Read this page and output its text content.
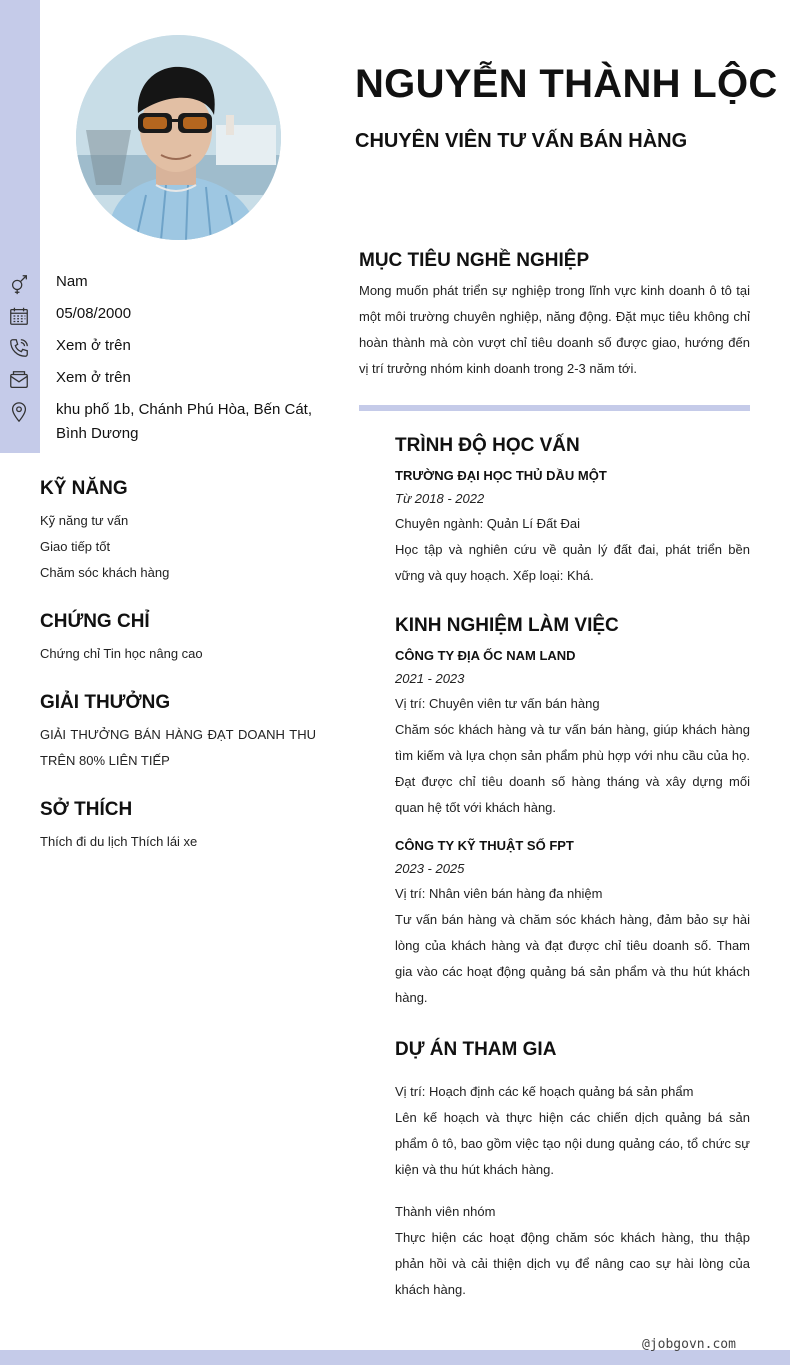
NGUYỄN THÀNH LỘC
CHUYÊN VIÊN TƯ VẤN BÁN HÀNG
Nam
05/08/2000
Xem ở trên
Xem ở trên
khu phố 1b, Chánh Phú Hòa, Bến Cát, Bình Dương
KỸ NĂNG
Kỹ năng tư vấn
Giao tiếp tốt
Chăm sóc khách hàng
CHỨNG CHỈ
Chứng chỉ Tin học nâng cao
GIẢI THƯỞNG
GIẢI THƯỞNG BÁN HÀNG ĐẠT DOANH THU
TRÊN 80% LIÊN TIẾP
SỞ THÍCH
Thích đi du lịch Thích lái xe
MỤC TIÊU NGHỀ NGHIỆP
Mong muốn phát triển sự nghiệp trong lĩnh vực kinh doanh ô tô tại một môi trường chuyên nghiệp, năng động. Đặt mục tiêu không chỉ hoàn thành mà còn vượt chỉ tiêu doanh số được giao, hướng đến vị trí trưởng nhóm kinh doanh trong 2-3 năm tới.
TRÌNH ĐỘ HỌC VẤN
TRƯỜNG ĐẠI HỌC THỦ DẦU MỘT
Từ 2018 - 2022
Chuyên ngành: Quản Lí Đất Đai
Học tập và nghiên cứu về quản lý đất đai, phát triển bền vững và quy hoạch. Xếp loại: Khá.
KINH NGHIỆM LÀM VIỆC
CÔNG TY ĐỊA ỐC NAM LAND
2021 - 2023
Vị trí: Chuyên viên tư vấn bán hàng
Chăm sóc khách hàng và tư vấn bán hàng, giúp khách hàng tìm kiếm và lựa chọn sản phẩm phù hợp với nhu cầu của họ. Đạt được chỉ tiêu doanh số hàng tháng và xây dựng mối quan hệ tốt với khách hàng.
CÔNG TY KỸ THUẬT SỐ FPT
2023 - 2025
Vị trí: Nhân viên bán hàng đa nhiệm
Tư vấn bán hàng và chăm sóc khách hàng, đảm bảo sự hài lòng của khách hàng và đạt được chỉ tiêu doanh số. Tham gia vào các hoạt động quảng bá sản phẩm và thu hút khách hàng.
DỰ ÁN THAM GIA
Vị trí: Hoạch định các kế hoạch quảng bá sản phẩm
Lên kế hoạch và thực hiện các chiến dịch quảng bá sản phẩm ô tô, bao gồm việc tạo nội dung quảng cáo, tổ chức sự kiện và thu hút khách hàng.
Thành viên nhóm
Thực hiện các hoạt động chăm sóc khách hàng, thu thập phản hồi và cải thiện dịch vụ để nâng cao sự hài lòng của khách hàng.
@jobgovn.com
